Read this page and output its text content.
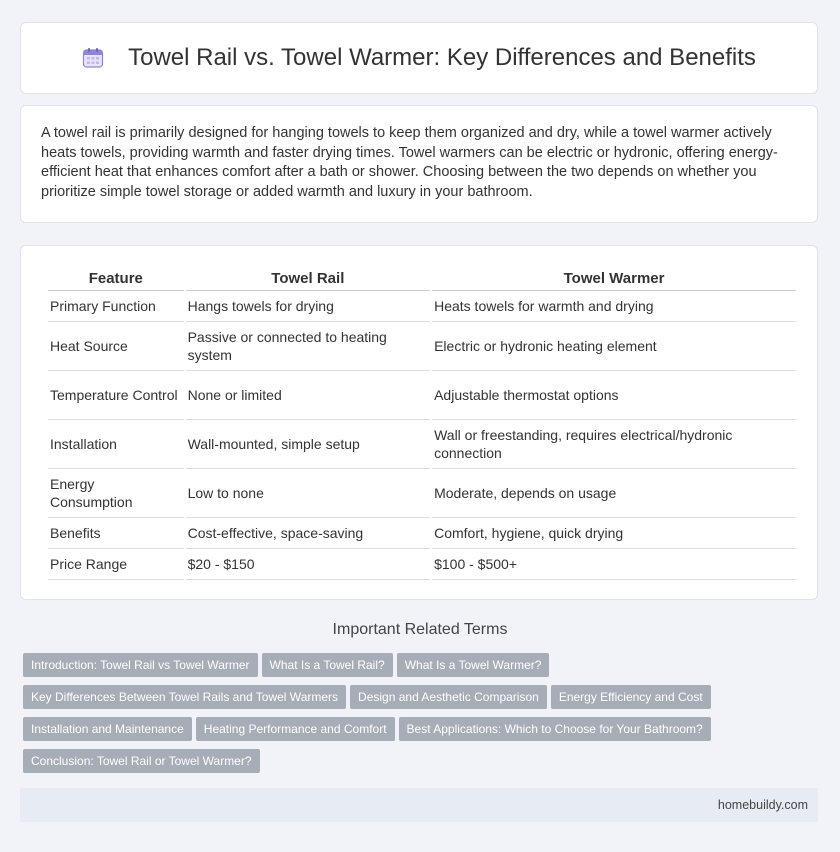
Towel Rail vs. Towel Warmer: Key Differences and Benefits

A towel rail is primarily designed for hanging towels to keep them organized and dry, while a towel warmer actively heats towels, providing warmth and faster drying times. Towel warmers can be electric or hydronic, offering energy-efficient heat that enhances comfort after a bath or shower. Choosing between the two depends on whether you prioritize simple towel storage or added warmth and luxury in your bathroom.

Feature	Towel Rail	Towel Warmer
Primary Function	Hangs towels for drying	Heats towels for warmth and drying
Heat Source	Passive or connected to heating system	Electric or hydronic heating element
Temperature Control	None or limited	Adjustable thermostat options
Installation	Wall-mounted, simple setup	Wall or freestanding, requires electrical/hydronic connection
Energy Consumption	Low to none	Moderate, depends on usage
Benefits	Cost-effective, space-saving	Comfort, hygiene, quick drying
Price Range	$20 - $150	$100 - $500+
Important Related Terms
Introduction: Towel Rail vs Towel Warmer What Is a Towel Rail? What Is a Towel Warmer?
Key Differences Between Towel Rails and Towel Warmers Design and Aesthetic Comparison Energy Efficiency and Cost
Installation and Maintenance Heating Performance and Comfort Best Applications: Which to Choose for Your Bathroom?
Conclusion: Towel Rail or Towel Warmer?
homebuildy.com
